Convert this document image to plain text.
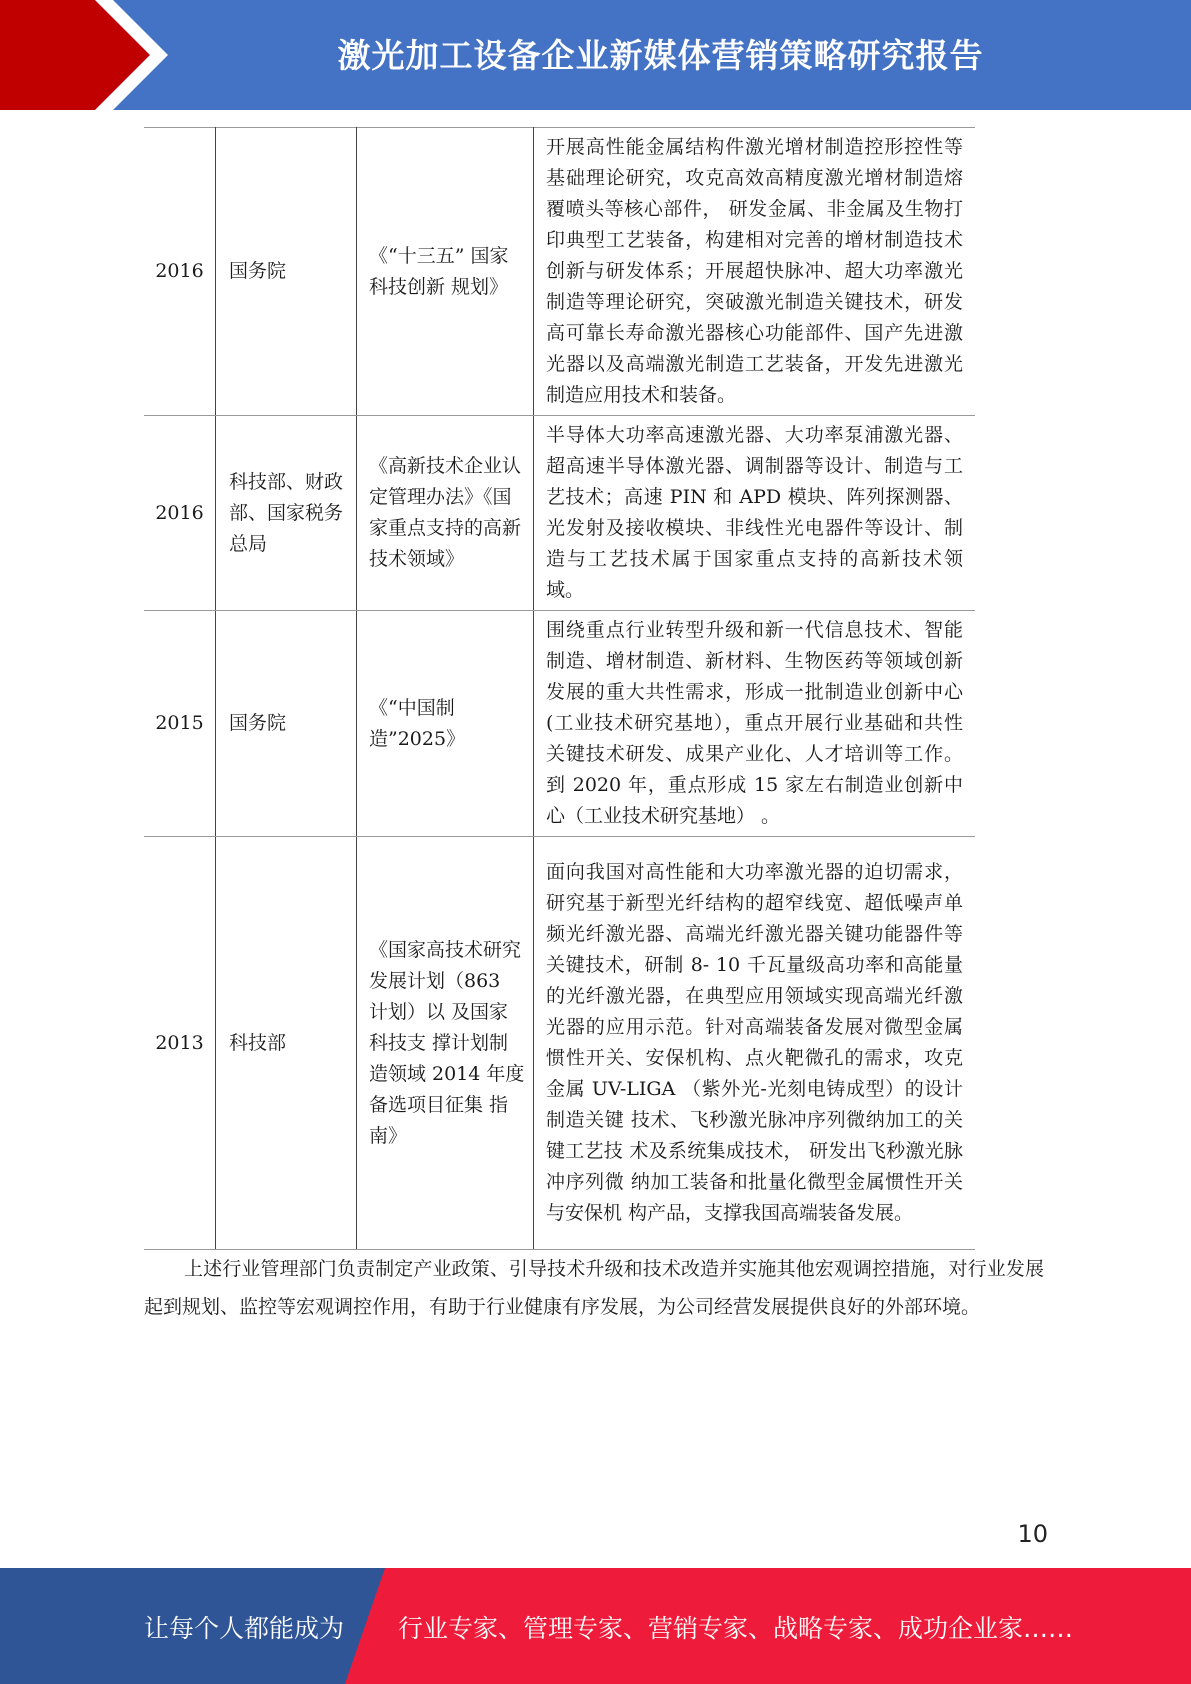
激光加工设备企业新媒体营销策略研究报告
2016	国务院	《“十三五” 国家科技创新 规划》	开展高性能金属结构件激光增材制造控形控性等基础理论研究，攻克高效高精度激光增材制造熔覆喷头等核心部件， 研发金属、非金属及生物打印典型工艺装备，构建相对完善的增材制造技术创新与研发体系；开展超快脉冲、超大功率激光制造等理论研究，突破激光制造关键技术，研发高可靠长寿命激光器核心功能部件、国产先进激光器以及高端激光制造工艺装备，开发先进激光制造应用技术和装备。
2016	科技部、财政部、国家税务总局	《高新技术企业认定管理办法》《国家重点支持的高新技术领域》	半导体大功率高速激光器、大功率泵浦激光器、超高速半导体激光器、调制器等设计、制造与工艺技术；高速 PIN 和 APD 模块、阵列探测器、光发射及接收模块、非线性光电器件等设计、制造与工艺技术属于国家重点支持的高新技术领域。
2015	国务院	《“中国制造”2025》	围绕重点行业转型升级和新一代信息技术、智能制造、增材制造、新材料、生物医药等领域创新发展的重大共性需求，形成一批制造业创新中心(工业技术研究基地），重点开展行业基础和共性 关键技术研发、成果产业化、人才培训等工作。 到 2020 年，重点形成 15 家左右制造业创新中心（工业技术研究基地） 。
2013	科技部	《国家高技术研究发展计划（863 计划）以 及国家科技支 撑计划制造领域 2014 年度备选项目征集 指南》	面向我国对高性能和大功率激光器的迫切需求，研究基于新型光纤结构的超窄线宽、超低噪声单频光纤激光器、高端光纤激光器关键功能器件等关键技术，研制 8- 10 千瓦量级高功率和高能量的光纤激光器，在典型应用领域实现高端光纤激光器的应用示范。针对高端装备发展对微型金属惯性开关、安保机构、点火靶微孔的需求，攻克金属 UV-LIGA （紫外光-光刻电铸成型）的设计制造关键 技术、飞秒激光脉冲序列微纳加工的关键工艺技 术及系统集成技术， 研发出飞秒激光脉冲序列微 纳加工装备和批量化微型金属惯性开关与安保机 构产品，支撑我国高端装备发展。

上述行业管理部门负责制定产业政策、引导技术升级和技术改造并实施其他宏观调控措施，对行业发展起到规划、监控等宏观调控作用，有助于行业健康有序发展，为公司经营发展提供良好的外部环境。

10
让每个人都能成为 行业专家、管理专家、营销专家、战略专家、成功企业家……
